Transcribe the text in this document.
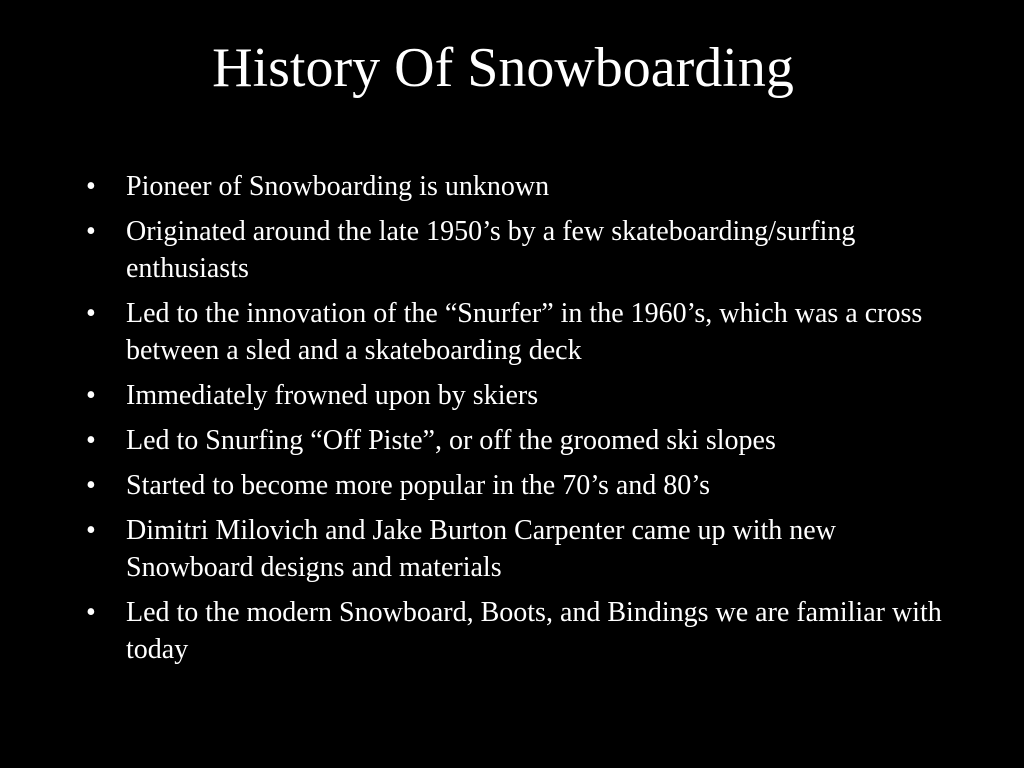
History Of Snowboarding
•	Pioneer of Snowboarding is unknown
•	Originated around the late 1950’s by a few skateboarding/surfing enthusiasts
•	Led to the innovation of the “Snurfer” in the 1960’s, which was a cross between a sled and a skateboarding deck
•	Immediately frowned upon by skiers
•	Led to Snurfing “Off Piste”, or off the groomed ski slopes
•	Started to become more popular in the 70’s and 80’s
•	Dimitri Milovich and Jake Burton Carpenter came up with new Snowboard designs and materials
•	Led to the modern Snowboard, Boots, and Bindings we are familiar with today
